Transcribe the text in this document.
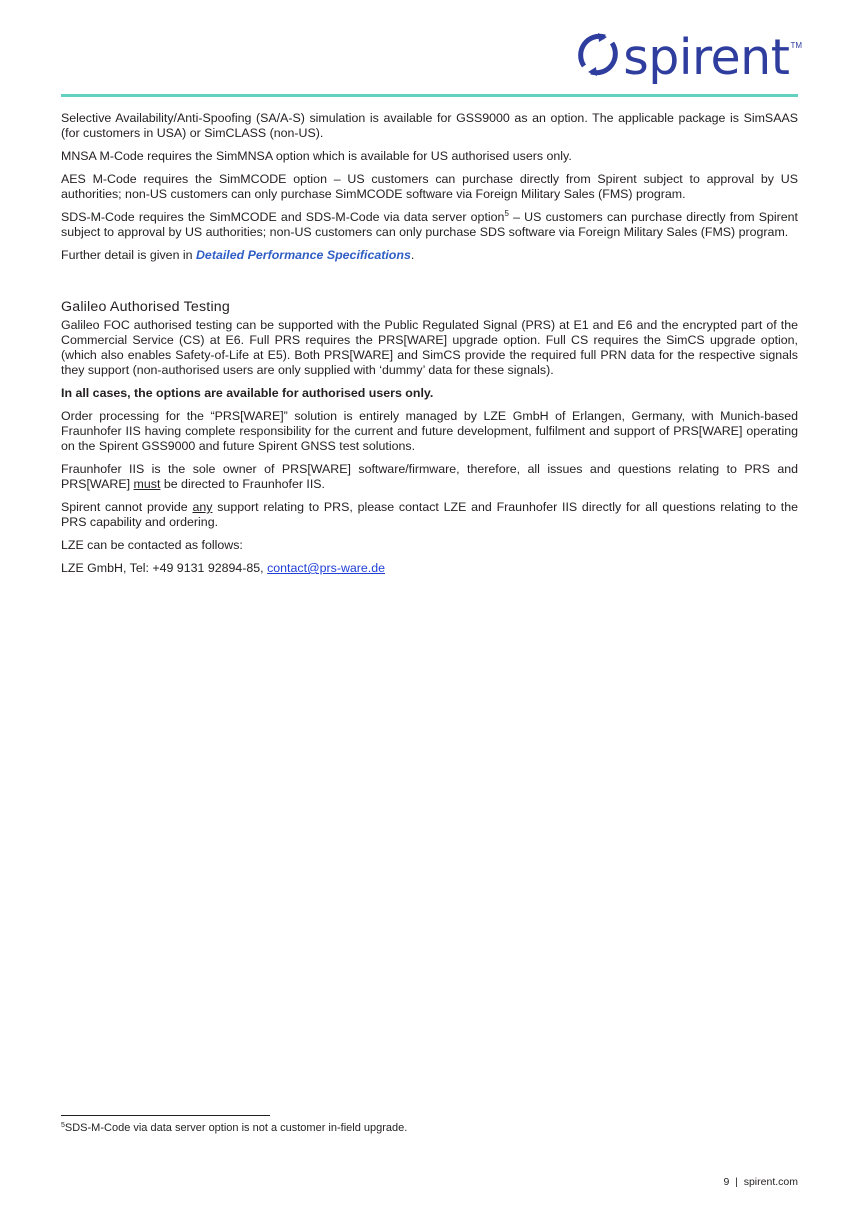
spirent TM

Selective Availability/Anti-Spoofing (SA/A-S) simulation is available for GSS9000 as an option. The applicable package is SimSAAS (for customers in USA) or SimCLASS (non-US).

MNSA M-Code requires the SimMNSA option which is available for US authorised users only.

AES M-Code requires the SimMCODE option – US customers can purchase directly from Spirent subject to approval by US authorities; non-US customers can only purchase SimMCODE software via Foreign Military Sales (FMS) program.

SDS-M-Code requires the SimMCODE and SDS-M-Code via data server option$^5$ – US customers can purchase directly from Spirent subject to approval by US authorities; non-US customers can only purchase SDS software via Foreign Military Sales (FMS) program.

Further detail is given in Detailed Performance Specifications.

Galileo Authorised Testing

Galileo FOC authorised testing can be supported with the Public Regulated Signal (PRS) at E1 and E6 and the encrypted part of the Commercial Service (CS) at E6. Full PRS requires the PRS[WARE] upgrade option. Full CS requires the SimCS upgrade option, (which also enables Safety-of-Life at E5). Both PRS[WARE] and SimCS provide the required full PRN data for the respective signals they support (non-authorised users are only supplied with ‘dummy’ data for these signals).

In all cases, the options are available for authorised users only.

Order processing for the “PRS[WARE]” solution is entirely managed by LZE GmbH of Erlangen, Germany, with Munich-based Fraunhofer IIS having complete responsibility for the current and future development, fulfilment and support of PRS[WARE] operating on the Spirent GSS9000 and future Spirent GNSS test solutions.

Fraunhofer IIS is the sole owner of PRS[WARE] software/firmware, therefore, all issues and questions relating to PRS and PRS[WARE] must be directed to Fraunhofer IIS.

Spirent cannot provide any support relating to PRS, please contact LZE and Fraunhofer IIS directly for all questions relating to the PRS capability and ordering.

LZE can be contacted as follows:

LZE GmbH, Tel: +49 9131 92894-85, contact@prs-ware.de

$^5$SDS-M-Code via data server option is not a customer in-field upgrade.
9 | spirent.com
